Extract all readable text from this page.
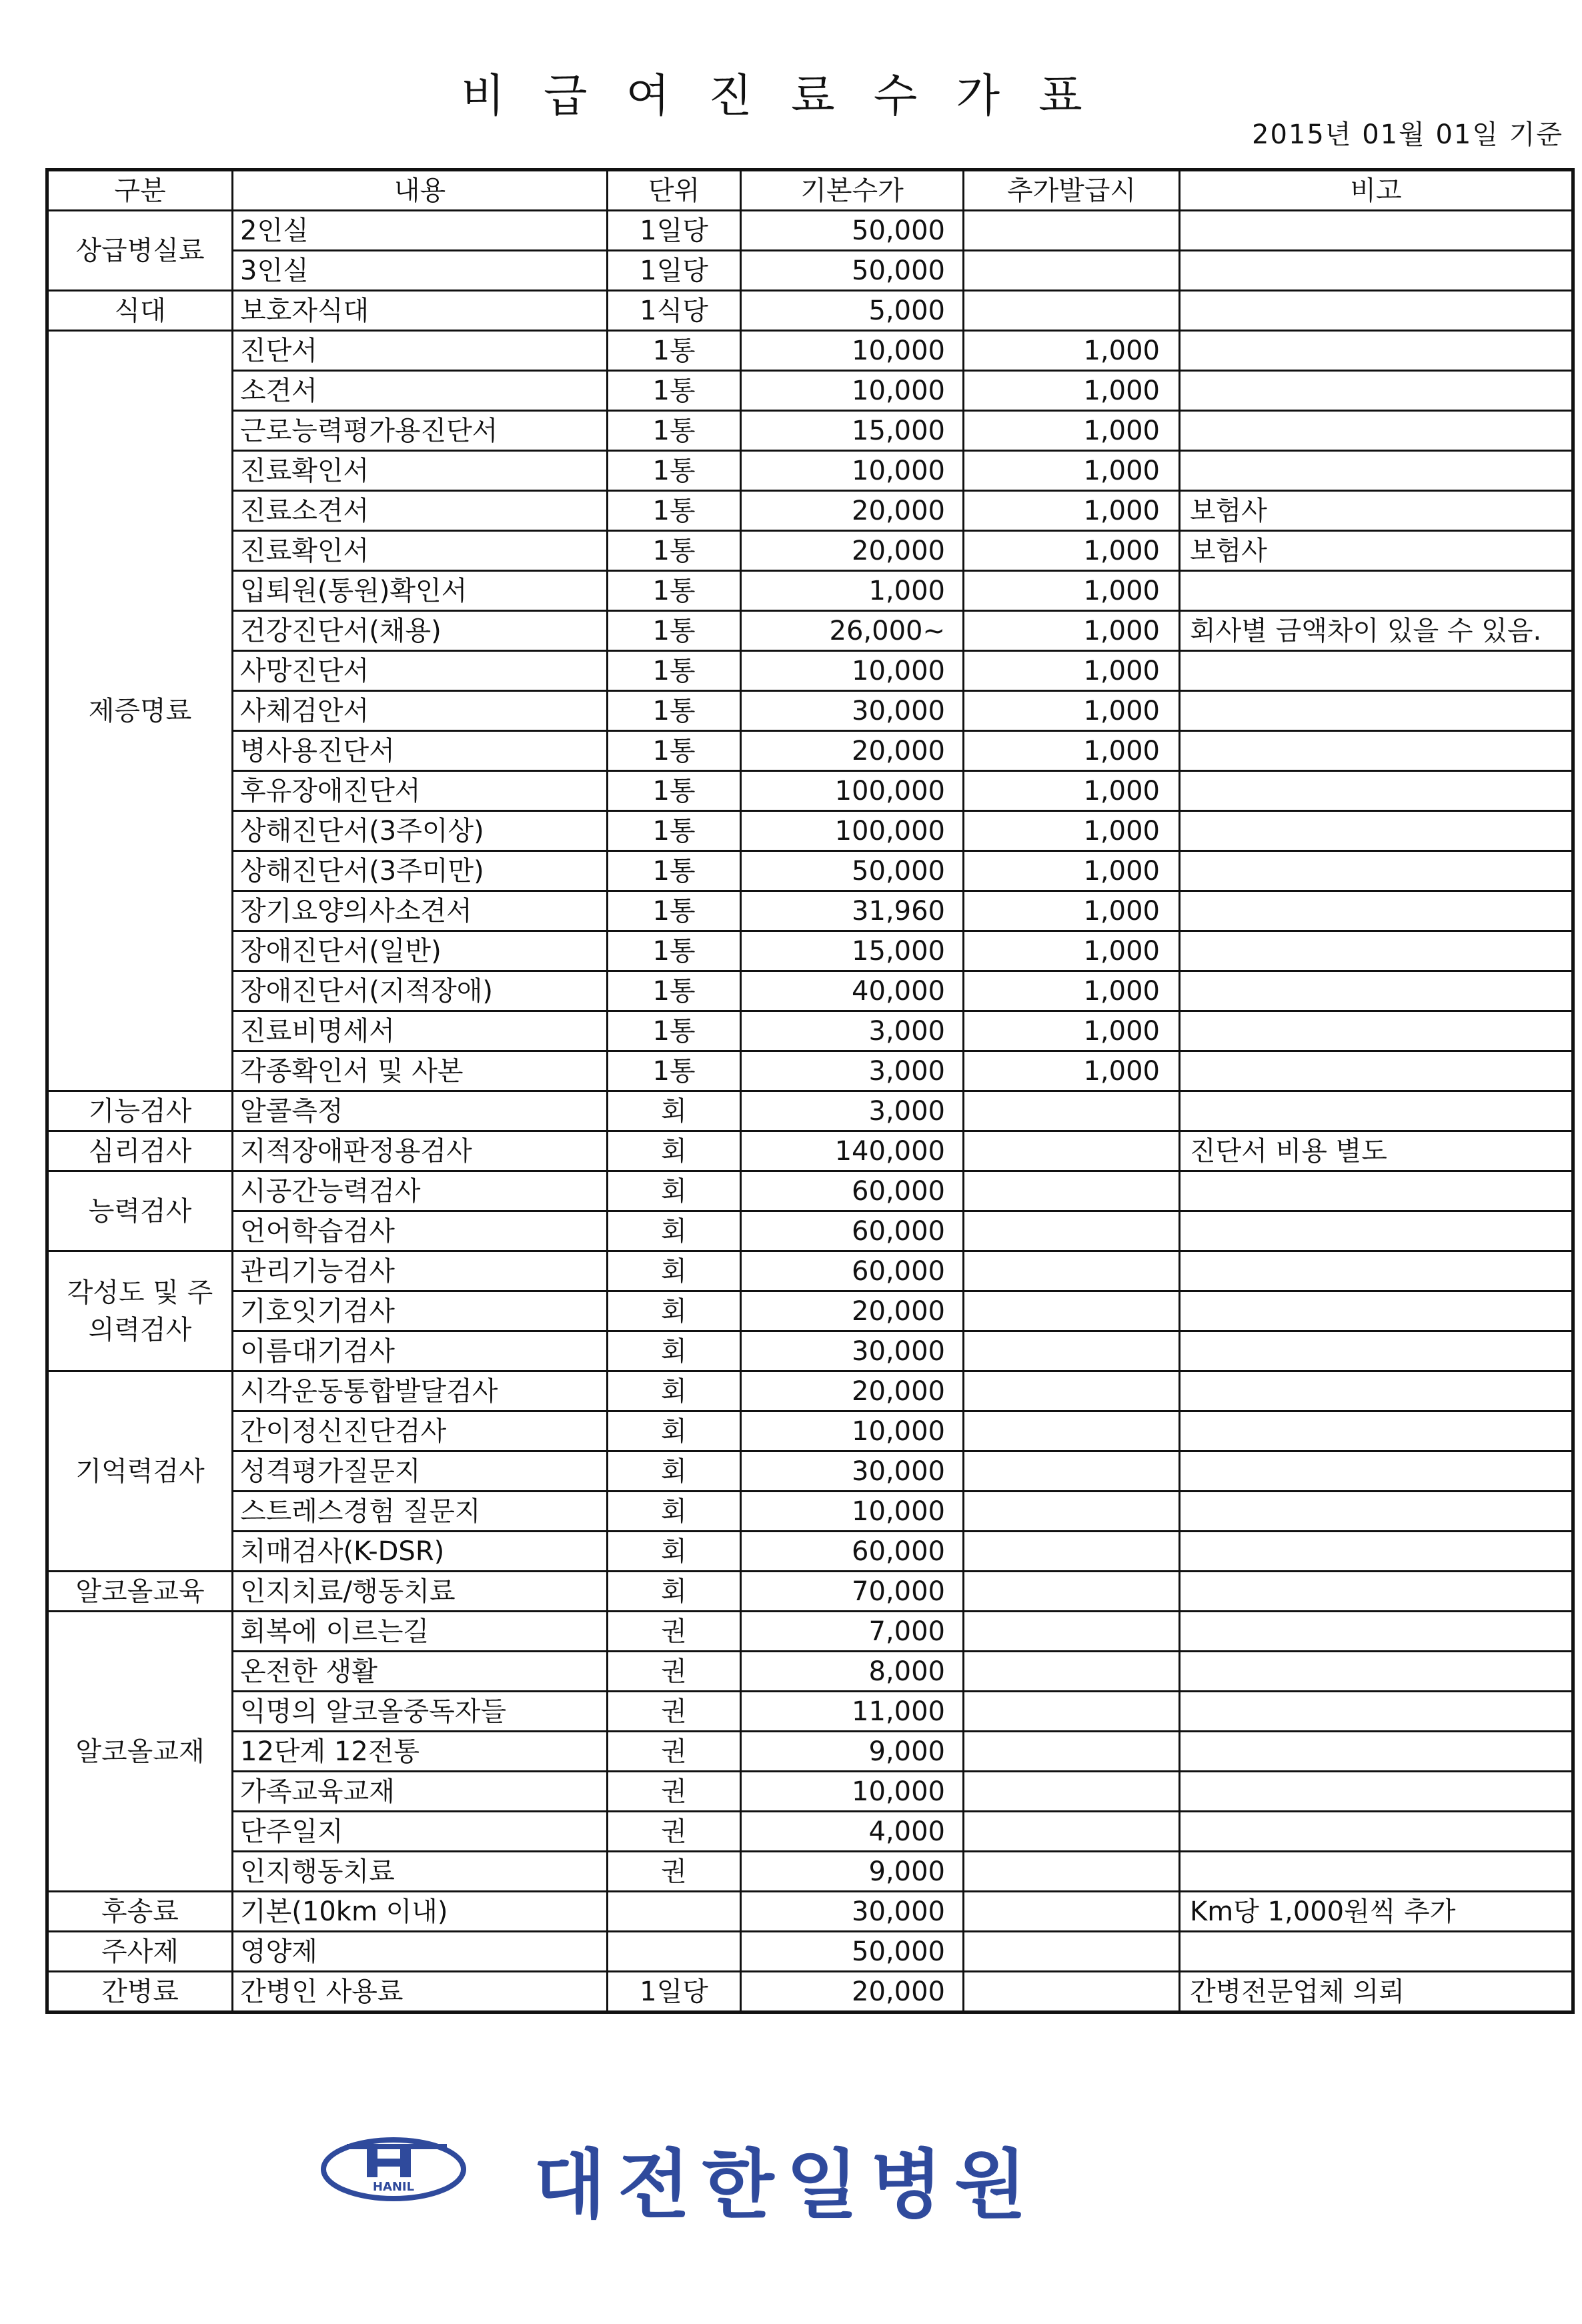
비급여진료수가표
2015년 01월 01일 기준
구분	내용	단위	기본수가	추가발급시	비고
상급병실료	2인실	1일당	50,000		
	3인실	1일당	50,000		
식대	보호자식대	1식당	5,000		
제증명료	진단서	1통	10,000	1,000	
	소견서	1통	10,000	1,000	
	근로능력평가용진단서	1통	15,000	1,000	
	진료확인서	1통	10,000	1,000	
	진료소견서	1통	20,000	1,000	보험사
	진료확인서	1통	20,000	1,000	보험사
	입퇴원(통원)확인서	1통	1,000	1,000	
	건강진단서(채용)	1통	26,000~	1,000	회사별 금액차이 있을 수 있음.
	사망진단서	1통	10,000	1,000	
	사체검안서	1통	30,000	1,000	
	병사용진단서	1통	20,000	1,000	
	후유장애진단서	1통	100,000	1,000	
	상해진단서(3주이상)	1통	100,000	1,000	
	상해진단서(3주미만)	1통	50,000	1,000	
	장기요양의사소견서	1통	31,960	1,000	
	장애진단서(일반)	1통	15,000	1,000	
	장애진단서(지적장애)	1통	40,000	1,000	
	진료비명세서	1통	3,000	1,000	
	각종확인서 및 사본	1통	3,000	1,000	
기능검사	알콜측정	회	3,000		
심리검사	지적장애판정용검사	회	140,000		진단서 비용 별도
능력검사	시공간능력검사	회	60,000		
	언어학습검사	회	60,000		
각성도 및 주의력검사	관리기능검사	회	60,000		
	기호잇기검사	회	20,000		
	이름대기검사	회	30,000		
기억력검사	시각운동통합발달검사	회	20,000		
	간이정신진단검사	회	10,000		
	성격평가질문지	회	30,000		
	스트레스경험 질문지	회	10,000		
	치매검사(K-DSR)	회	60,000		
알코올교육	인지치료/행동치료	회	70,000		
알코올교재	회복에 이르는길	권	7,000		
	온전한 생활	권	8,000		
	익명의 알코올중독자들	권	11,000		
	12단계 12전통	권	9,000		
	가족교육교재	권	10,000		
	단주일지	권	4,000		
	인지행동치료	권	9,000		
후송료	기본(10km 이내)		30,000		Km당 1,000원씩 추가
주사제	영양제		50,000		
간병료	간병인 사용료	1일당	20,000		간병전문업체 의뢰
HANIL 대전한일병원
